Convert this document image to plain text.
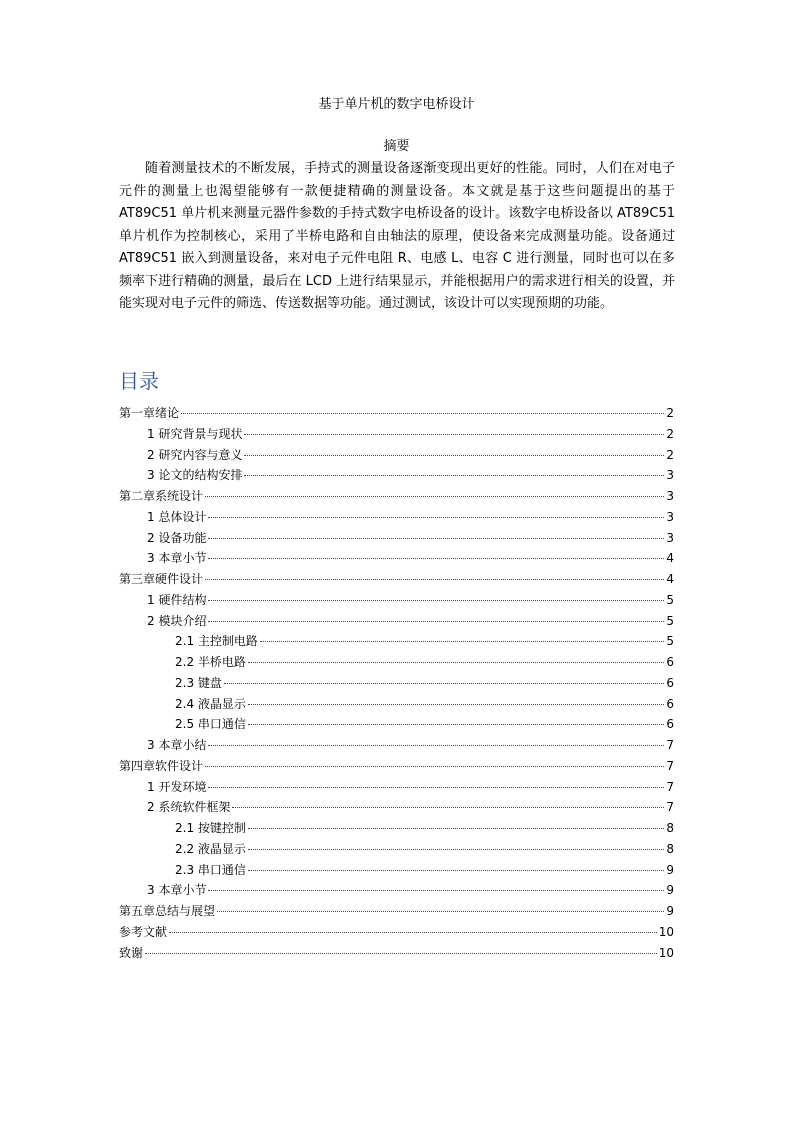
基于单片机的数字电桥设计
摘要

随着测量技术的不断发展，手持式的测量设备逐渐变现出更好的性能。同时，人们在对电子元件的测量上也渴望能够有一款便捷精确的测量设备。本文就是基于这些问题提出的基于 AT89C51 单片机来测量元器件参数的手持式数字电桥设备的设计。该数字电桥设备以 AT89C51 单片机作为控制核心，采用了半桥电路和自由轴法的原理，使设备来完成测量功能。设备通过 AT89C51 嵌入到测量设备，来对电子元件电阻 R、电感 L、电容 C 进行测量，同时也可以在多频率下进行精确的测量，最后在 LCD 上进行结果显示，并能根据用户的需求进行相关的设置，并能实现对电子元件的筛选、传送数据等功能。通过测试，该设计可以实现预期的功能。

目录
第一章绪论	2
1 研究背景与现状	2
2 研究内容与意义	2
3 论文的结构安排	3
第二章系统设计	3
1 总体设计	3
2 设备功能	3
3 本章小节	4
第三章硬件设计	4
1 硬件结构	5
2 模块介绍	5
2.1 主控制电路	5
2.2 半桥电路	6
2.3 键盘	6
2.4 液晶显示	6
2.5 串口通信	6
3 本章小结	7
第四章软件设计	7
1 开发环境	7
2 系统软件框架	7
2.1 按键控制	8
2.2 液晶显示	8
2.3 串口通信	9
3 本章小节	9
第五章总结与展望	9
参考文献	10
致谢	10
